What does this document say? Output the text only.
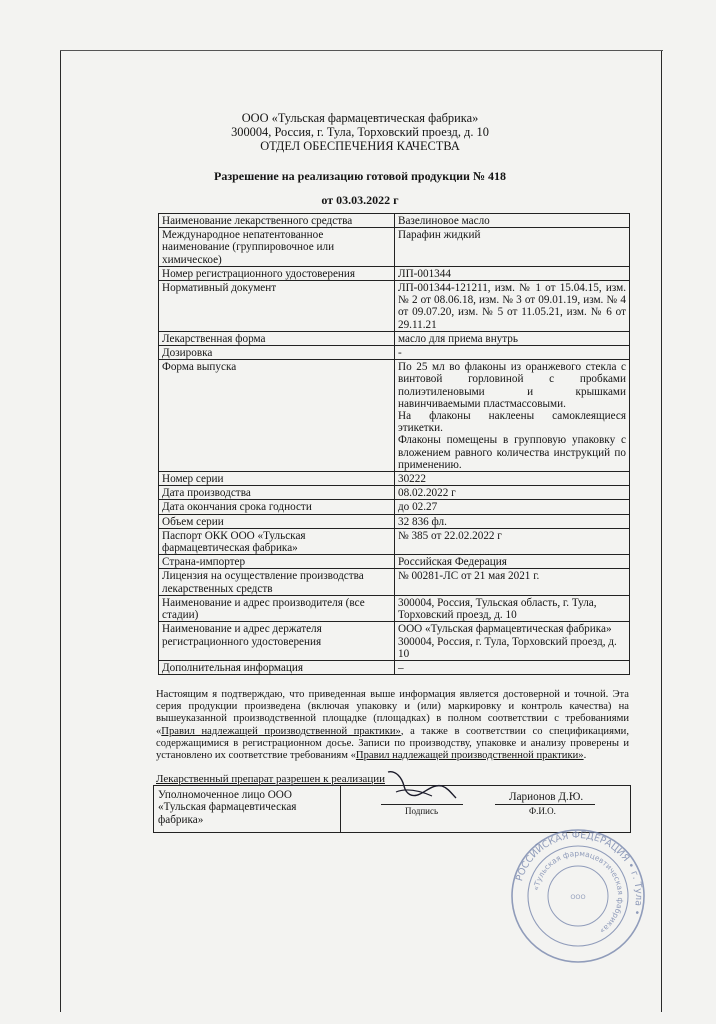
ООО «Тульская фармацевтическая фабрика»
300004, Россия, г. Тула, Торховский проезд, д. 10
ОТДЕЛ ОБЕСПЕЧЕНИЯ КАЧЕСТВА
Разрешение на реализацию готовой продукции № 418
от 03.03.2022 г
Наименование лекарственного средства	Вазелиновое масло
Международное непатентованное наименование (группировочное или химическое)	Парафин жидкий
Номер регистрационного удостоверения	ЛП-001344
Нормативный документ	ЛП-001344-121211, изм. № 1 от 15.04.15, изм. № 2 от 08.06.18, изм. № 3 от 09.01.19, изм. № 4 от 09.07.20, изм. № 5 от 11.05.21, изм. № 6 от 29.11.21
Лекарственная форма	масло для приема внутрь
Дозировка	-
Форма выпуска	По 25 мл во флаконы из оранжевого стекла с винтовой горловиной с пробками полиэтиленовыми и крышками навинчиваемыми пластмассовыми.
На флаконы наклеены самоклеящиеся этикетки.
Флаконы помещены в групповую упаковку с вложением равного количества инструкций по применению.

Номер серии	30222
Дата производства	08.02.2022 г
Дата окончания срока годности	до 02.27
Объем серии	32 836 фл.
Паспорт ОКК ООО «Тульская фармацевтическая фабрика»	№ 385 от 22.02.2022 г
Страна-импортер	Российская Федерация
Лицензия на осуществление производства лекарственных средств	№ 00281-ЛС от 21 мая 2021 г.
Наименование и адрес производителя (все стадии)	300004, Россия, Тульская область, г. Тула, Торховский проезд, д. 10
Наименование и адрес держателя регистрационного удостоверения	ООО «Тульская фармацевтическая фабрика» 300004, Россия, г. Тула, Торховский проезд, д. 10
Дополнительная информация	–
Настоящим я подтверждаю, что приведенная выше информация является достоверной и точной. Эта серия продукции произведена (включая упаковку и (или) маркировку и контроль качества) на вышеуказанной производственной площадке (площадках) в полном соответствии с требованиями «Правил надлежащей производственной практики», а также в соответствии со спецификациями, содержащимися в регистрационном досье. Записи по производству, упаковке и анализу проверены и установлено их соответствие требованиям «Правил надлежащей производственной практики».
Лекарственный препарат разрешен к реализации
Уполномоченное лицо ООО «Тульская фармацевтическая фабрика»	
Подпись
Ларионов Д.Ю.
Ф.И.О.
РОССИЙСКАЯ ФЕДЕРАЦИЯ • г. Тула •
«Тульская фармацевтическая фабрика»
ООО
